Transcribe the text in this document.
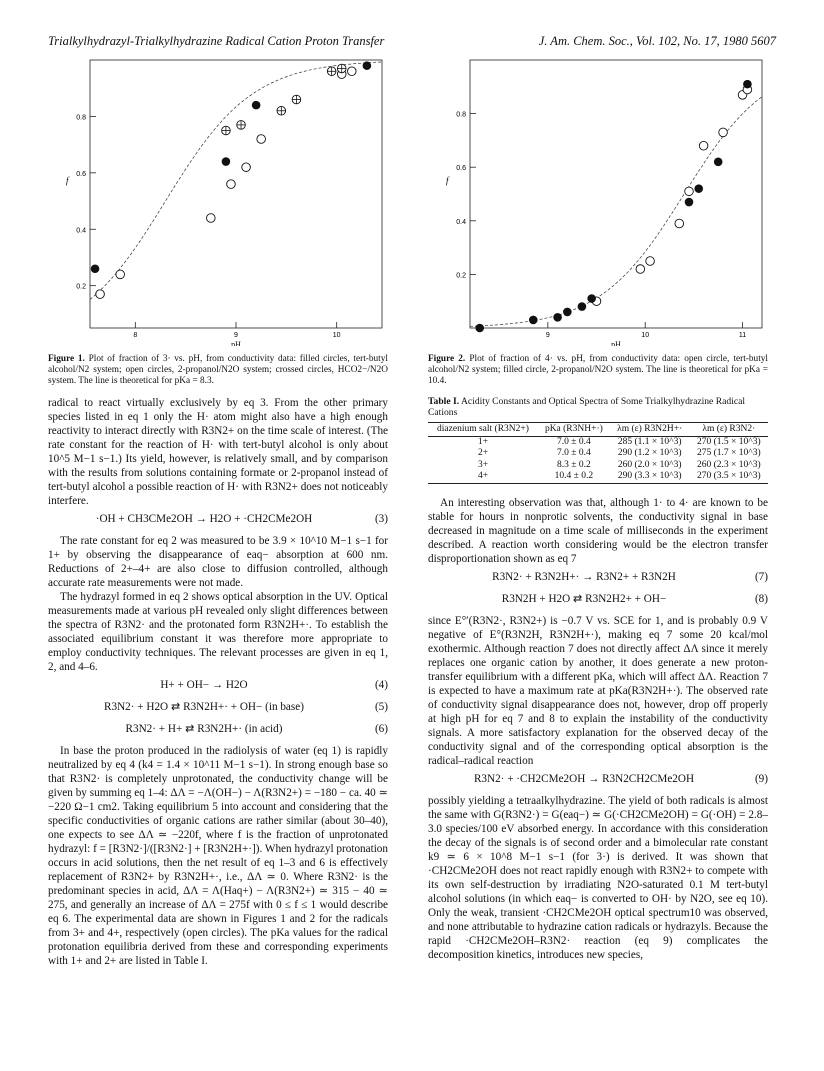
Trialkylhydrazyl-Trialkylhydrazine Radical Cation Proton Transfer	J. Am. Chem. Soc., Vol. 102, No. 17, 1980 5607
0.2
0.4
0.6
0.8
8	9	10
f
pH
Figure 1. Plot of fraction of 3· vs. pH, from conductivity data: filled circles, tert-butyl alcohol/N2 system; open circles, 2-propanol/N2O system; crossed circles, HCO2−/N2O system. The line is theoretical for pKa = 8.3.

radical to react virtually exclusively by eq 3. From the other primary species listed in eq 1 only the H· atom might also have a high enough reactivity to interact directly with R3N2+ on the time scale of interest. (The rate constant for the reaction of H· with tert-butyl alcohol is only about 10^5 M−1 s−1.) Its yield, however, is relatively small, and by comparison with the results from solutions containing formate or 2-propanol instead of tert-butyl alcohol a possible reaction of H· with R3N2+ does not noticeably interfere.

·OH + CH3CMe2OH → H2O + ·CH2CMe2OH	(3)

The rate constant for eq 2 was measured to be 3.9 × 10^10 M−1 s−1 for 1+ by observing the disappearance of eaq− absorption at 600 nm. Reductions of 2+–4+ are also close to diffusion controlled, although accurate rate measurements were not made.

The hydrazyl formed in eq 2 shows optical absorption in the UV. Optical measurements made at various pH revealed only slight differences between the spectra of R3N2· and the protonated form R3N2H+·. To establish the associated equilibrium constant it was therefore more appropriate to employ conductivity techniques. The relevant processes are given in eq 1, 2, and 4–6.

H+ + OH− → H2O	(4)
R3N2· + H2O ⇄ R3N2H+· + OH− (in base)	(5)
R3N2· + H+ ⇄ R3N2H+· (in acid)	(6)

In base the proton produced in the radiolysis of water (eq 1) is rapidly neutralized by eq 4 (k4 = 1.4 × 10^11 M−1 s−1). In strong enough base so that R3N2· is completely unprotonated, the conductivity change will be given by summing eq 1–4: ΔΛ = −Λ(OH−) − Λ(R3N2+) = −180 − ca. 40 ≃ −220 Ω−1 cm2. Taking equilibrium 5 into account and considering that the specific conductivities of organic cations are rather similar (about 30–40), one expects to see ΔΛ ≃ −220f, where f is the fraction of unprotonated hydrazyl: f = [R3N2·]/([R3N2·] + [R3N2H+·]). When hydrazyl protonation occurs in acid solutions, then the net result of eq 1–3 and 6 is effectively replacement of R3N2+ by R3N2H+·, i.e., ΔΛ ≃ 0. Where R3N2· is the predominant species in acid, ΔΛ = Λ(Haq+) − Λ(R3N2+) ≃ 315 − 40 ≃ 275, and generally an increase of ΔΛ = 275f with 0 ≤ f ≤ 1 would describe eq 6. The experimental data are shown in Figures 1 and 2 for the radicals from 3+ and 4+, respectively (open circles). The pKa values for the radical protonation equilibria derived from these and corresponding experiments with 1+ and 2+ are listed in Table I.

0.2
0.4
0.6
0.8
9	10	11
f
pH
Figure 2. Plot of fraction of 4· vs. pH, from conductivity data: open circle, tert-butyl alcohol/N2 system; filled circle, 2-propanol/N2O system. The line is theoretical for pKa = 10.4.
Table I. Acidity Constants and Optical Spectra of Some Trialkylhydrazine Radical Cations
diazenium salt (R3N2+)	pKa (R3NH+·)	λm (ε) R3N2H+·	λm (ε) R3N2·
1+	7.0 ± 0.4	285 (1.1 × 10^3)	270 (1.5 × 10^3)
2+	7.0 ± 0.4	290 (1.2 × 10^3)	275 (1.7 × 10^3)
3+	8.3 ± 0.2	260 (2.0 × 10^3)	260 (2.3 × 10^3)
4+	10.4 ± 0.2	290 (3.3 × 10^3)	270 (3.5 × 10^3)

An interesting observation was that, although 1· to 4· are known to be stable for hours in nonprotic solvents, the conductivity signal in base decreased in magnitude on a time scale of milliseconds in the experiment described. A reaction worth considering would be the electron transfer disproportionation shown as eq 7

R3N2· + R3N2H+· → R3N2+ + R3N2H	(7)
R3N2H + H2O ⇄ R3N2H2+ + OH−	(8)

since E°′(R3N2·, R3N2+) is −0.7 V vs. SCE for 1, and is probably 0.9 V negative of E°(R3N2H, R3N2H+·), making eq 7 some 20 kcal/mol exothermic. Although reaction 7 does not directly affect ΔΛ since it merely replaces one organic cation by another, it does generate a new proton-transfer equilibrium with a different pKa, which will affect ΔΛ. Reaction 7 is expected to have a maximum rate at pKa(R3N2H+·). The observed rate of conductivity signal disappearance does not, however, drop off properly at high pH for eq 7 and 8 to explain the instability of the conductivity signals. A more satisfactory explanation for the observed decay of the conductivity signal and of the corresponding optical absorption is the radical–radical reaction

R3N2· + ·CH2CMe2OH → R3N2CH2CMe2OH	(9)

possibly yielding a tetraalkylhydrazine. The yield of both radicals is almost the same with G(R3N2·) = G(eaq−) ≃ G(·CH2CMe2OH) = G(·OH) = 2.8–3.0 species/100 eV absorbed energy. In accordance with this consideration the decay of the signals is of second order and a bimolecular rate constant k9 ≃ 6 × 10^8 M−1 s−1 (for 3·) is derived. It was shown that ·CH2CMe2OH does not react rapidly enough with R3N2+ to compete with its own self-destruction by irradiating N2O-saturated 0.1 M tert-butyl alcohol solutions (in which eaq− is converted to OH· by N2O, see eq 10). Only the weak, transient ·CH2CMe2OH optical spectrum10 was observed, and none attributable to hydrazine cation radicals or hydrazyls. Because the rapid ·CH2CMe2OH–R3N2· reaction (eq 9) complicates the decomposition kinetics, introduces new species,
